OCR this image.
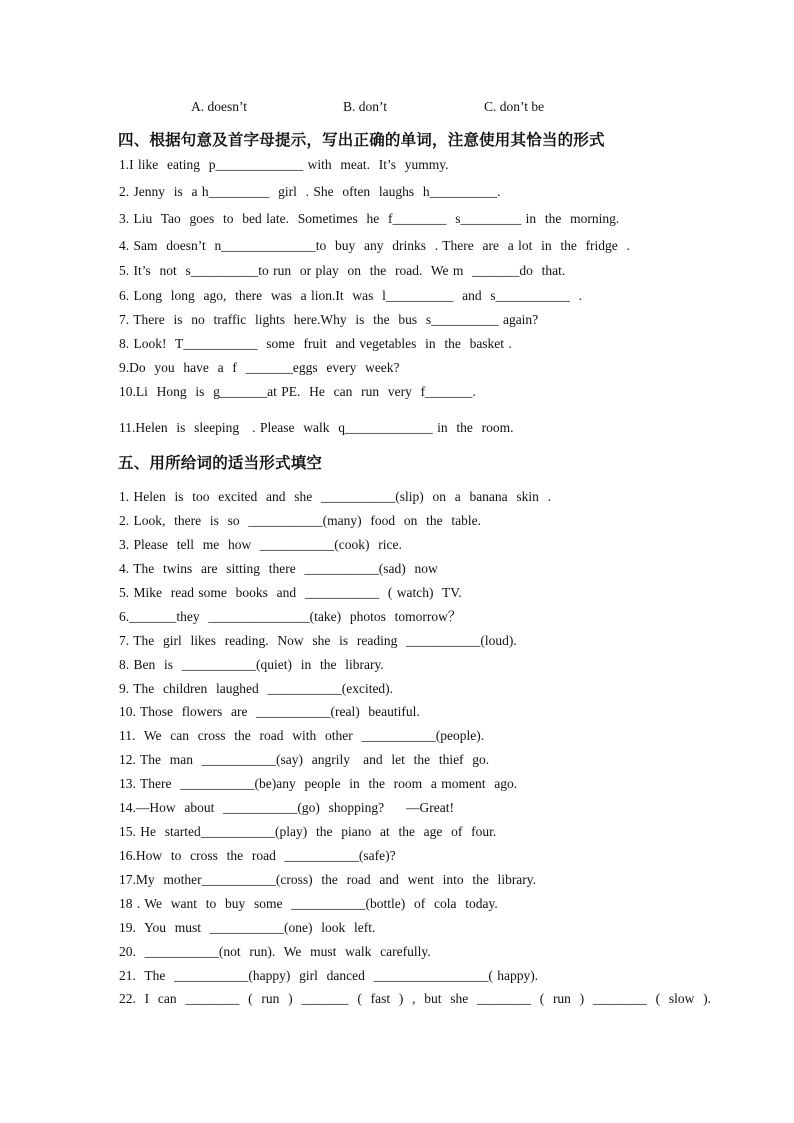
A. doesn’t	B. don’t	C. don’t be
四、根据句意及首字母提示，写出正确的单词，注意使用其恰当的形式
1.I like  eating  p_____________ with  meat.  It’s  yummy.
2. Jenny  is  a h_________  girl  . She  often  laughs  h__________.
3. Liu  Tao  goes  to  bed late.  Sometimes  he  f________  s_________ in  the  morning.
4. Sam  doesn’t  n______________to  buy  any  drinks  . There  are  a lot  in  the  fridge  .
5. It’s  not  s__________to run  or play  on  the  road.  We m  _______do  that.
6. Long  long  ago,  there  was  a lion.It  was  l__________  and  s___________  .
7. There  is  no  traffic  lights  here.Why  is  the  bus  s__________ again?
8. Look!  T___________  some  fruit  and vegetables  in  the  basket .
9.Do  you  have  a  f  _______eggs  every  week?
10.Li  Hong  is  g_______at PE.  He  can  run  very  f_______.
11.Helen  is  sleeping   . Please  walk  q_____________ in  the  room.
五、用所给词的适当形式填空
1. Helen  is  too  excited  and  she  ___________(slip)  on  a  banana  skin  .
2. Look,  there  is  so  ___________(many)  food  on  the  table.
3. Please  tell  me  how  ___________(cook)  rice.
4. The  twins  are  sitting  there  ___________(sad)  now
5. Mike  read some  books  and  ___________  ( watch)  TV.
6._______they  _______________(take)  photos  tomorrow？
7. The  girl  likes  reading.  Now  she  is  reading  ___________(loud).
8. Ben  is  ___________(quiet)  in  the  library.
9. The  children  laughed  ___________(excited).
10. Those  flowers  are  ___________(real)  beautiful.
11.  We  can  cross  the  road  with  other  ___________(people).
12. The  man  ___________(say)  angrily   and  let  the  thief  go.
13. There  ___________(be)any  people  in  the  room  a moment  ago.
14.—How  about  ___________(go)  shopping?     —Great!
15. He  started___________(play)  the  piano  at  the  age  of  four.
16.How  to  cross  the  road  ___________(safe)?
17.My  mother___________(cross)  the  road  and  went  into  the  library.
18 . We  want  to  buy  some  ___________(bottle)  of  cola  today.
19.  You  must  ___________(one)  look  left.
20.  ___________(not  run).  We  must  walk  carefully.
21.  The  ___________(happy)  girl  danced  _________________( happy).
22.  I  can  ________  (  run  )  _______  (  fast  )  ,  but  she  ________  (  run  )  ________  (  slow  ).
